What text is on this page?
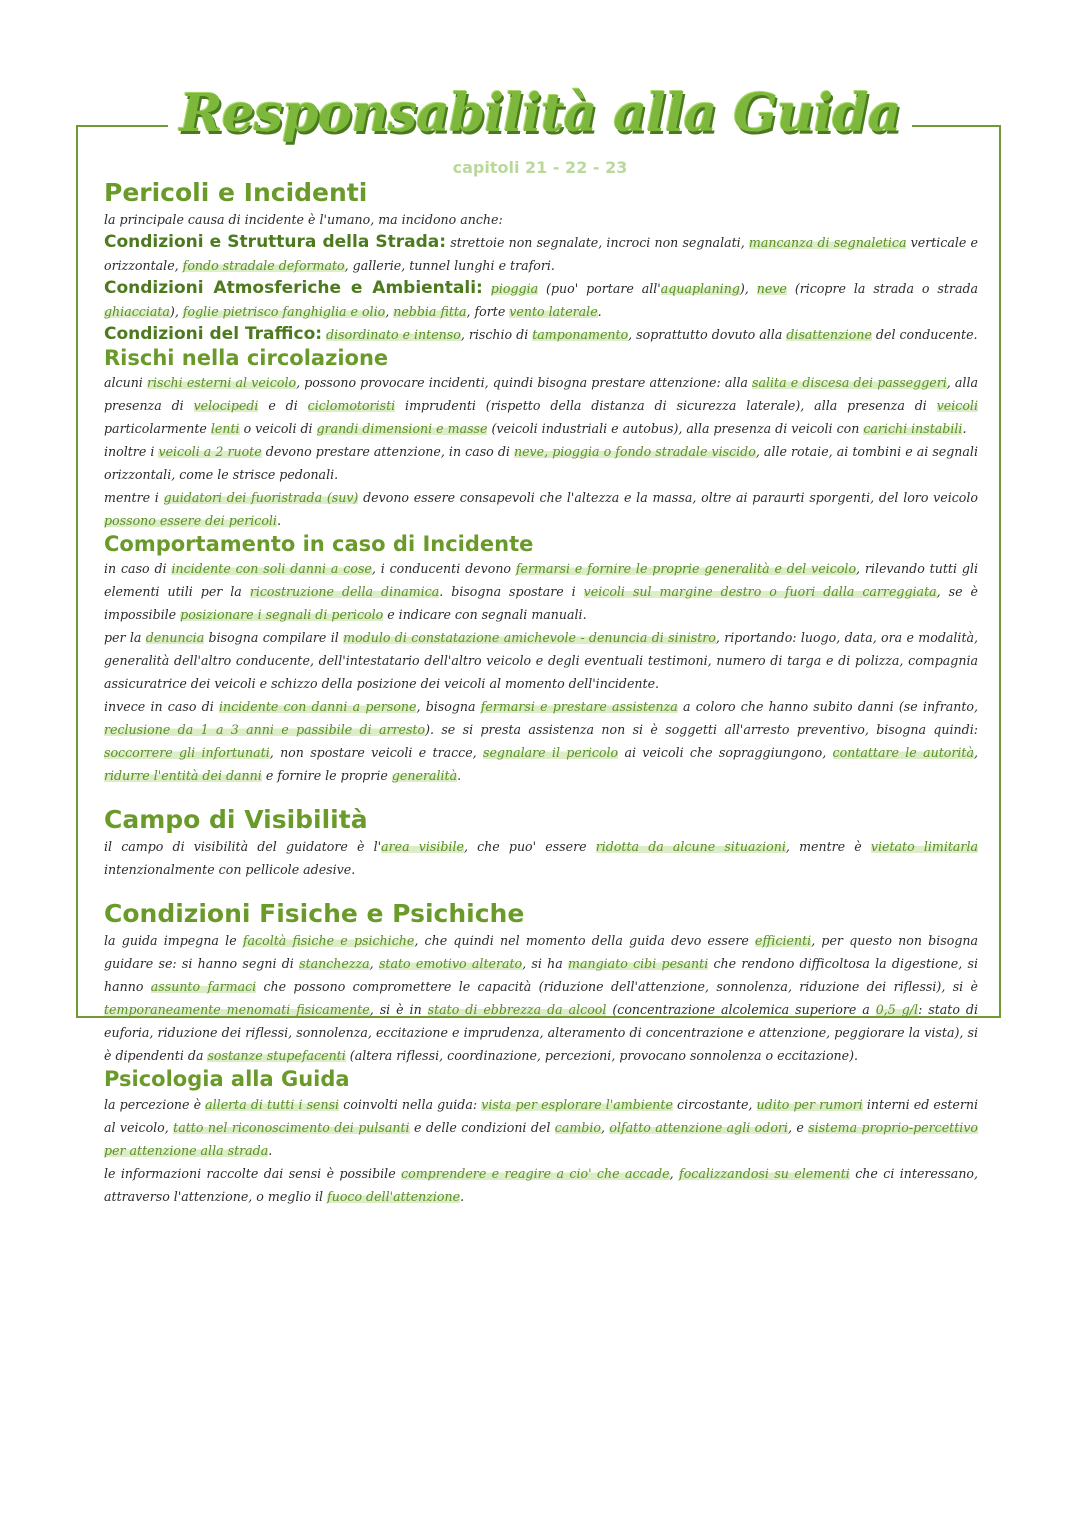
Responsabilità alla Guida
capitoli 21 - 22 - 23
Pericoli e Incidenti

la principale causa di incidente è l'umano, ma incidono anche:

Condizioni e Struttura della Strada: strettoie non segnalate, incroci non segnalati, mancanza di segnaletica verticale e orizzontale, fondo stradale deformato, gallerie, tunnel lunghi e trafori.

Condizioni Atmosferiche e Ambientali: pioggia (puo' portare all'aquaplaning), neve (ricopre la strada o strada ghiacciata), foglie pietrisco fanghiglia e olio, nebbia fitta, forte vento laterale.

Condizioni del Traffico: disordinato e intenso, rischio di tamponamento, soprattutto dovuto alla disattenzione del conducente.

Rischi nella circolazione

alcuni rischi esterni al veicolo, possono provocare incidenti, quindi bisogna prestare attenzione: alla salita e discesa dei passeggeri, alla presenza di velocipedi e di ciclomotoristi imprudenti (rispetto della distanza di sicurezza laterale), alla presenza di veicoli particolarmente lenti o veicoli di grandi dimensioni e masse (veicoli industriali e autobus), alla presenza di veicoli con carichi instabili.

inoltre i veicoli a 2 ruote devono prestare attenzione, in caso di neve, pioggia o fondo stradale viscido, alle rotaie, ai tombini e ai segnali orizzontali, come le strisce pedonali.

mentre i guidatori dei fuoristrada (suv) devono essere consapevoli che l'altezza e la massa, oltre ai paraurti sporgenti, del loro veicolo possono essere dei pericoli.

Comportamento in caso di Incidente

in caso di incidente con soli danni a cose, i conducenti devono fermarsi e fornire le proprie generalità e del veicolo, rilevando tutti gli elementi utili per la ricostruzione della dinamica. bisogna spostare i veicoli sul margine destro o fuori dalla carreggiata, se è impossibile posizionare i segnali di pericolo e indicare con segnali manuali.

per la denuncia bisogna compilare il modulo di constatazione amichevole - denuncia di sinistro, riportando: luogo, data, ora e modalità, generalità dell'altro conducente, dell'intestatario dell'altro veicolo e degli eventuali testimoni, numero di targa e di polizza, compagnia assicuratrice dei veicoli e schizzo della posizione dei veicoli al momento dell'incidente.

invece in caso di incidente con danni a persone, bisogna fermarsi e prestare assistenza a coloro che hanno subito danni (se infranto, reclusione da 1 a 3 anni e passibile di arresto). se si presta assistenza non si è soggetti all'arresto preventivo, bisogna quindi: soccorrere gli infortunati, non spostare veicoli e tracce, segnalare il pericolo ai veicoli che sopraggiungono, contattare le autorità, ridurre l'entità dei danni e fornire le proprie generalità.

Campo di Visibilità

il campo di visibilità del guidatore è l'area visibile, che puo' essere ridotta da alcune situazioni, mentre è vietato limitarla intenzionalmente con pellicole adesive.

Condizioni Fisiche e Psichiche

la guida impegna le facoltà fisiche e psichiche, che quindi nel momento della guida devo essere efficienti, per questo non bisogna guidare se: si hanno segni di stanchezza, stato emotivo alterato, si ha mangiato cibi pesanti che rendono difficoltosa la digestione, si hanno assunto farmaci che possono compromettere le capacità (riduzione dell'attenzione, sonnolenza, riduzione dei riflessi), si è temporaneamente menomati fisicamente, si è in stato di ebbrezza da alcool (concentrazione alcolemica superiore a 0,5 g/l: stato di euforia, riduzione dei riflessi, sonnolenza, eccitazione e imprudenza, alteramento di concentrazione e attenzione, peggiorare la vista), si è dipendenti da sostanze stupefacenti (altera riflessi, coordinazione, percezioni, provocano sonnolenza o eccitazione).

Psicologia alla Guida

la percezione è allerta di tutti i sensi coinvolti nella guida: vista per esplorare l'ambiente circostante, udito per rumori interni ed esterni al veicolo, tatto nel riconoscimento dei pulsanti e delle condizioni del cambio, olfatto attenzione agli odori, e sistema proprio-percettivo per attenzione alla strada.

le informazioni raccolte dai sensi è possibile comprendere e reagire a cio' che accade, focalizzandosi su elementi che ci interessano, attraverso l'attenzione, o meglio il fuoco dell'attenzione.
